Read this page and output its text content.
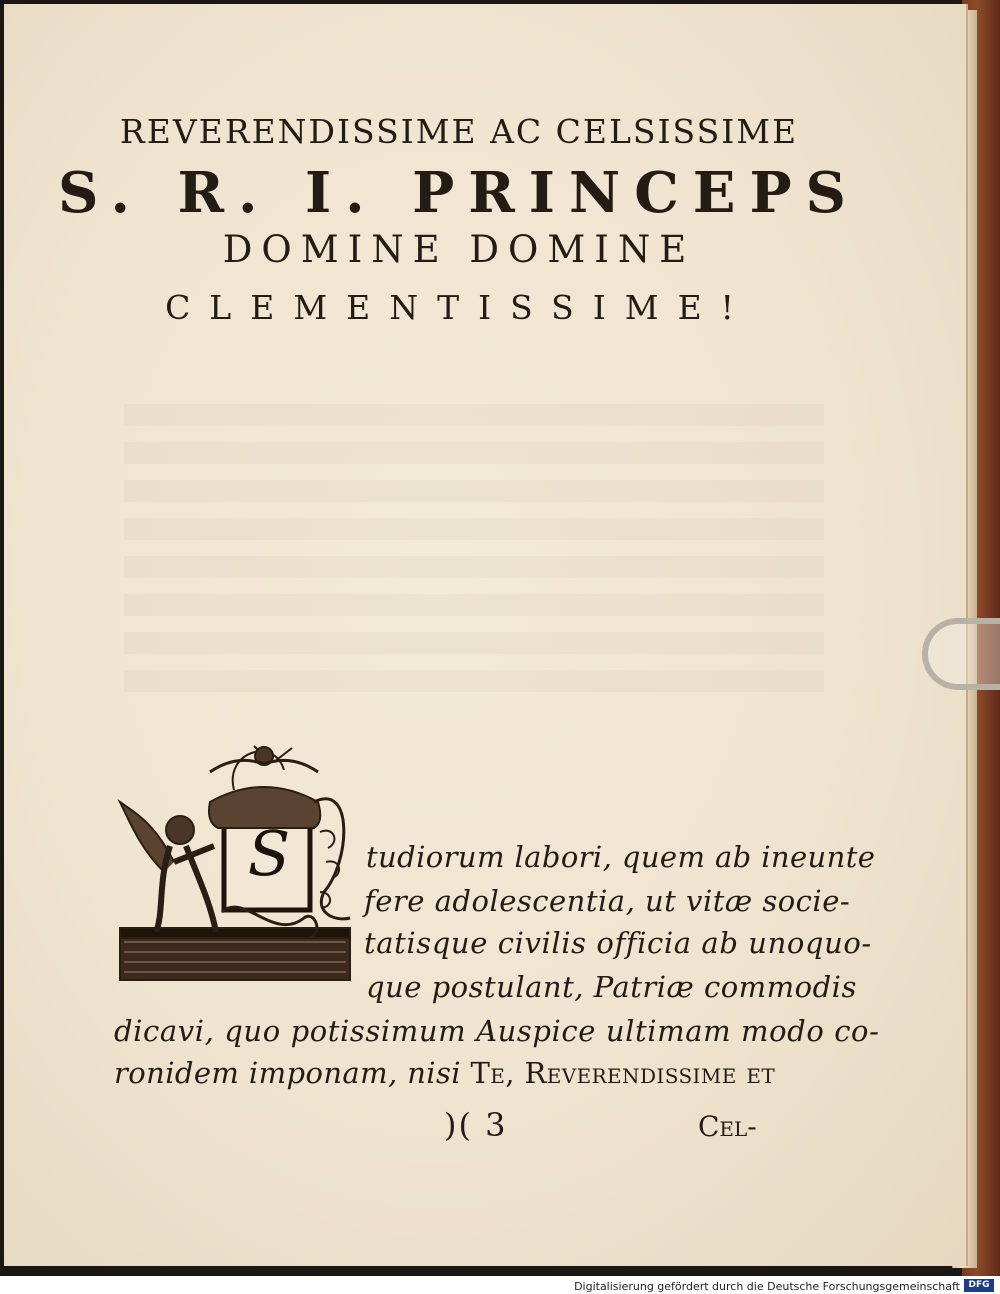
REVERENDISSIME AC CELSISSIME
S. R. I. PRINCEPS
DOMINE DOMINE
CLEMENTISSIME!
S	tudiorum labori, quem ab ineunte
fere adolescentia, ut vitæ socie-
tatisque civilis officia ab unoquo-
que postulant, Patriæ commodis
dicavi, quo potissimum Auspice ultimam modo co-
ronidem imponam, nisi Te, Reverendissime et
)( 3	Cel-
Digitalisierung gefördert durch die Deutsche Forschungsgemeinschaft DFG
